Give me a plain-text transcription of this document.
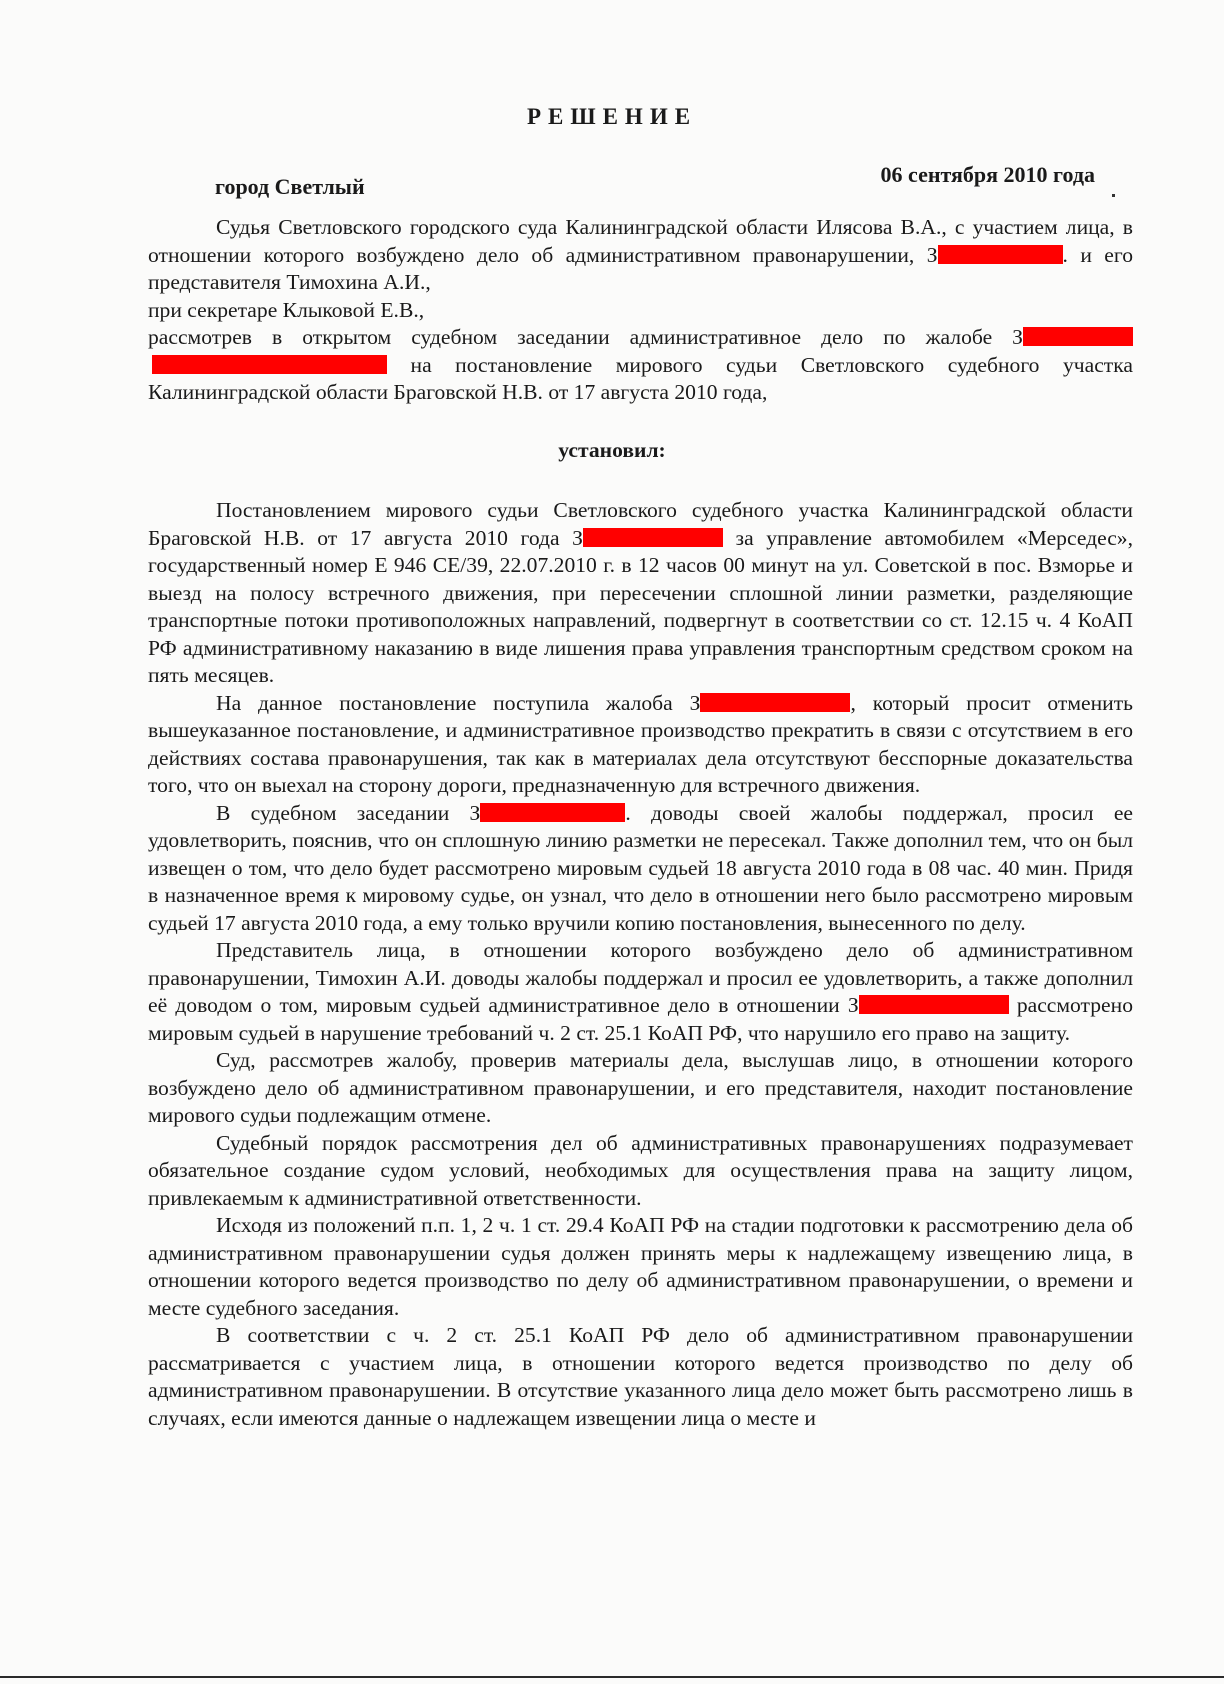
РЕШЕНИЕ
город Светлый	06 сентября 2010 года

Судья Светловского городского суда Калининградской области Илясова В.А., с участием лица, в отношении которого возбуждено дело об административном правонарушении, З	. и его представителя Тимохина А.И.,

при секретаре Клыковой Е.В.,

рассмотрев в открытом судебном заседании административное дело по жалобе З на постановление мирового судьи Светловского судебного участка Калининградской области Браговской Н.В. от 17 августа 2010 года,

установил:

Постановлением мирового судьи Светловского судебного участка Калининградской области Браговской Н.В. от 17 августа 2010 года З	за управление автомобилем «Мерседес», государственный номер Е 946 СЕ/39, 22.07.2010 г. в 12 часов 00 минут на ул. Советской в пос. Взморье и выезд на полосу встречного движения, при пересечении сплошной линии разметки, разделяющие транспортные потоки противоположных направлений, подвергнут в соответствии со ст. 12.15 ч. 4 КоАП РФ административному наказанию в виде лишения права управления транспортным средством сроком на пять месяцев.

На данное постановление поступила жалоба З	, который просит отменить вышеуказанное постановление, и административное производство прекратить в связи с отсутствием в его действиях состава правонарушения, так как в материалах дела отсутствуют бесспорные доказательства того, что он выехал на сторону дороги, предназначенную для встречного движения.

В судебном заседании З	. доводы своей жалобы поддержал, просил ее удовлетворить, пояснив, что он сплошную линию разметки не пересекал. Также дополнил тем, что он был извещен о том, что дело будет рассмотрено мировым судьей 18 августа 2010 года в 08 час. 40 мин. Придя в назначенное время к мировому судье, он узнал, что дело в отношении него было рассмотрено мировым судьей 17 августа 2010 года, а ему только вручили копию постановления, вынесенного по делу.

Представитель лица, в отношении которого возбуждено дело об административном правонарушении, Тимохин А.И. доводы жалобы поддержал и просил ее удовлетворить, а также дополнил её доводом о том, мировым судьей административное дело в отношении З	рассмотрено мировым судьей в нарушение требований ч. 2 ст. 25.1 КоАП РФ, что нарушило его право на защиту.

Суд, рассмотрев жалобу, проверив материалы дела, выслушав лицо, в отношении которого возбуждено дело об административном правонарушении, и его представителя, находит постановление мирового судьи подлежащим отмене.

Судебный порядок рассмотрения дел об административных правонарушениях подразумевает обязательное создание судом условий, необходимых для осуществления права на защиту лицом, привлекаемым к административной ответственности.

Исходя из положений п.п. 1, 2 ч. 1 ст. 29.4 КоАП РФ на стадии подготовки к рассмотрению дела об административном правонарушении судья должен принять меры к надлежащему извещению лица, в отношении которого ведется производство по делу об административном правонарушении, о времени и месте судебного заседания.

В соответствии с ч. 2 ст. 25.1 КоАП РФ дело об административном правонарушении рассматривается с участием лица, в отношении которого ведется производство по делу об административном правонарушении. В отсутствие указанного лица дело может быть рассмотрено лишь в случаях, если имеются данные о надлежащем извещении лица о месте и
